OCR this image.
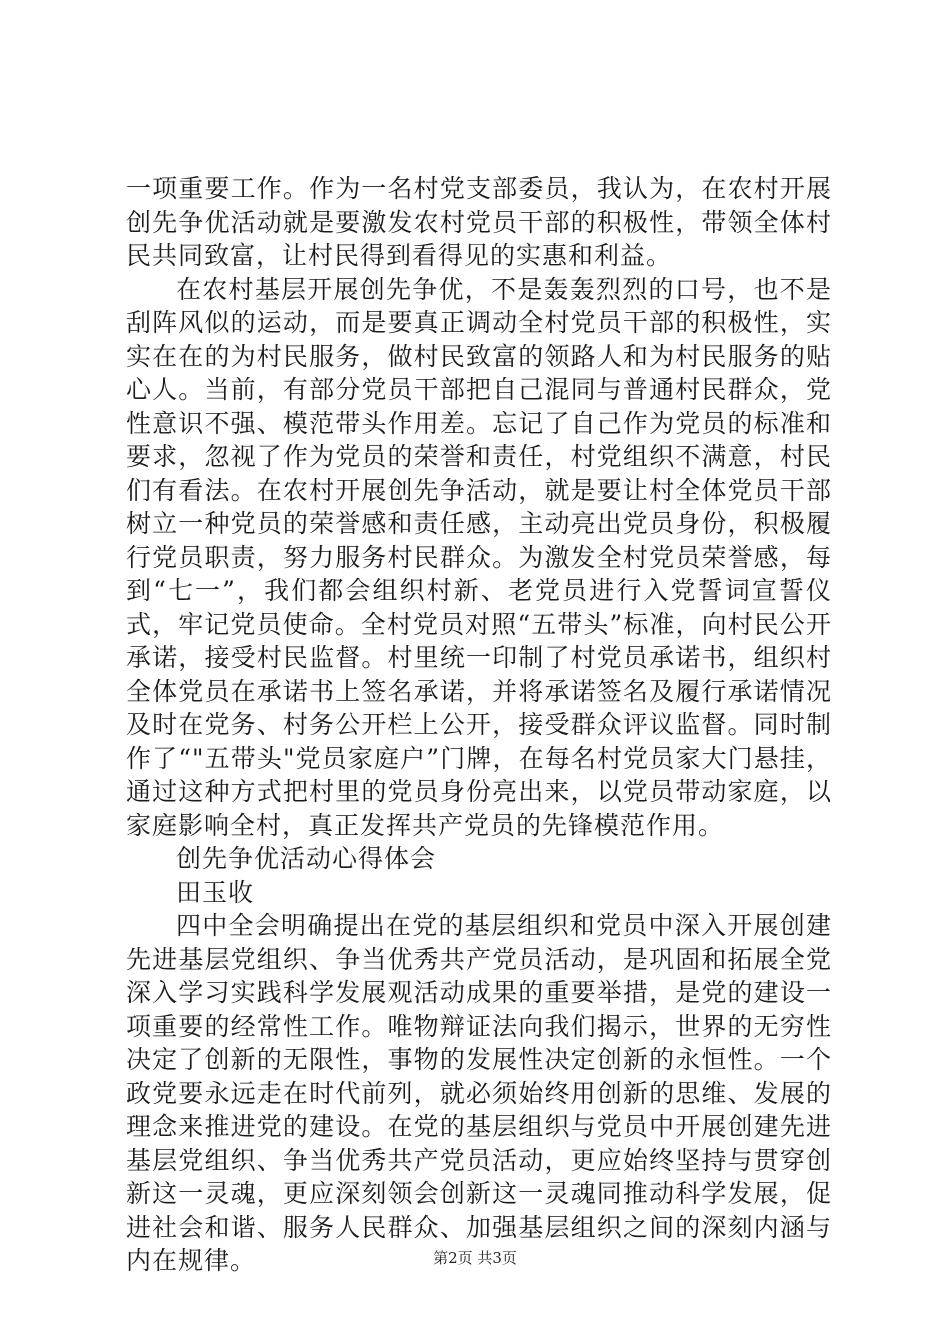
一项重要工作。作为一名村党支部委员，我认为，在农村开展创先争优活动就是要激发农村党员干部的积极性，带领全体村民共同致富，让村民得到看得见的实惠和利益。

在农村基层开展创先争优，不是轰轰烈烈的口号，也不是刮阵风似的运动，而是要真正调动全村党员干部的积极性，实实在在的为村民服务，做村民致富的领路人和为村民服务的贴心人。当前，有部分党员干部把自己混同与普通村民群众，党性意识不强、模范带头作用差。忘记了自己作为党员的标准和要求，忽视了作为党员的荣誉和责任，村党组织不满意，村民们有看法。在农村开展创先争活动，就是要让村全体党员干部树立一种党员的荣誉感和责任感，主动亮出党员身份，积极履行党员职责，努力服务村民群众。为激发全村党员荣誉感，每到“七一”，我们都会组织村新、老党员进行入党誓词宣誓仪式，牢记党员使命。全村党员对照“五带头”标准，向村民公开承诺，接受村民监督。村里统一印制了村党员承诺书，组织村全体党员在承诺书上签名承诺，并将承诺签名及履行承诺情况及时在党务、村务公开栏上公开，接受群众评议监督。同时制作了“"五带头"党员家庭户”门牌，在每名村党员家大门悬挂，通过这种方式把村里的党员身份亮出来，以党员带动家庭，以家庭影响全村，真正发挥共产党员的先锋模范作用。

创先争优活动心得体会

田玉收

四中全会明确提出在党的基层组织和党员中深入开展创建先进基层党组织、争当优秀共产党员活动，是巩固和拓展全党深入学习实践科学发展观活动成果的重要举措，是党的建设一项重要的经常性工作。唯物辩证法向我们揭示，世界的无穷性决定了创新的无限性，事物的发展性决定创新的永恒性。一个政党要永远走在时代前列，就必须始终用创新的思维、发展的理念来推进党的建设。在党的基层组织与党员中开展创建先进基层党组织、争当优秀共产党员活动，更应始终坚持与贯穿创新这一灵魂，更应深刻领会创新这一灵魂同推动科学发展，促进社会和谐、服务人民群众、加强基层组织之间的深刻内涵与内在规律。	第2页 共3页
